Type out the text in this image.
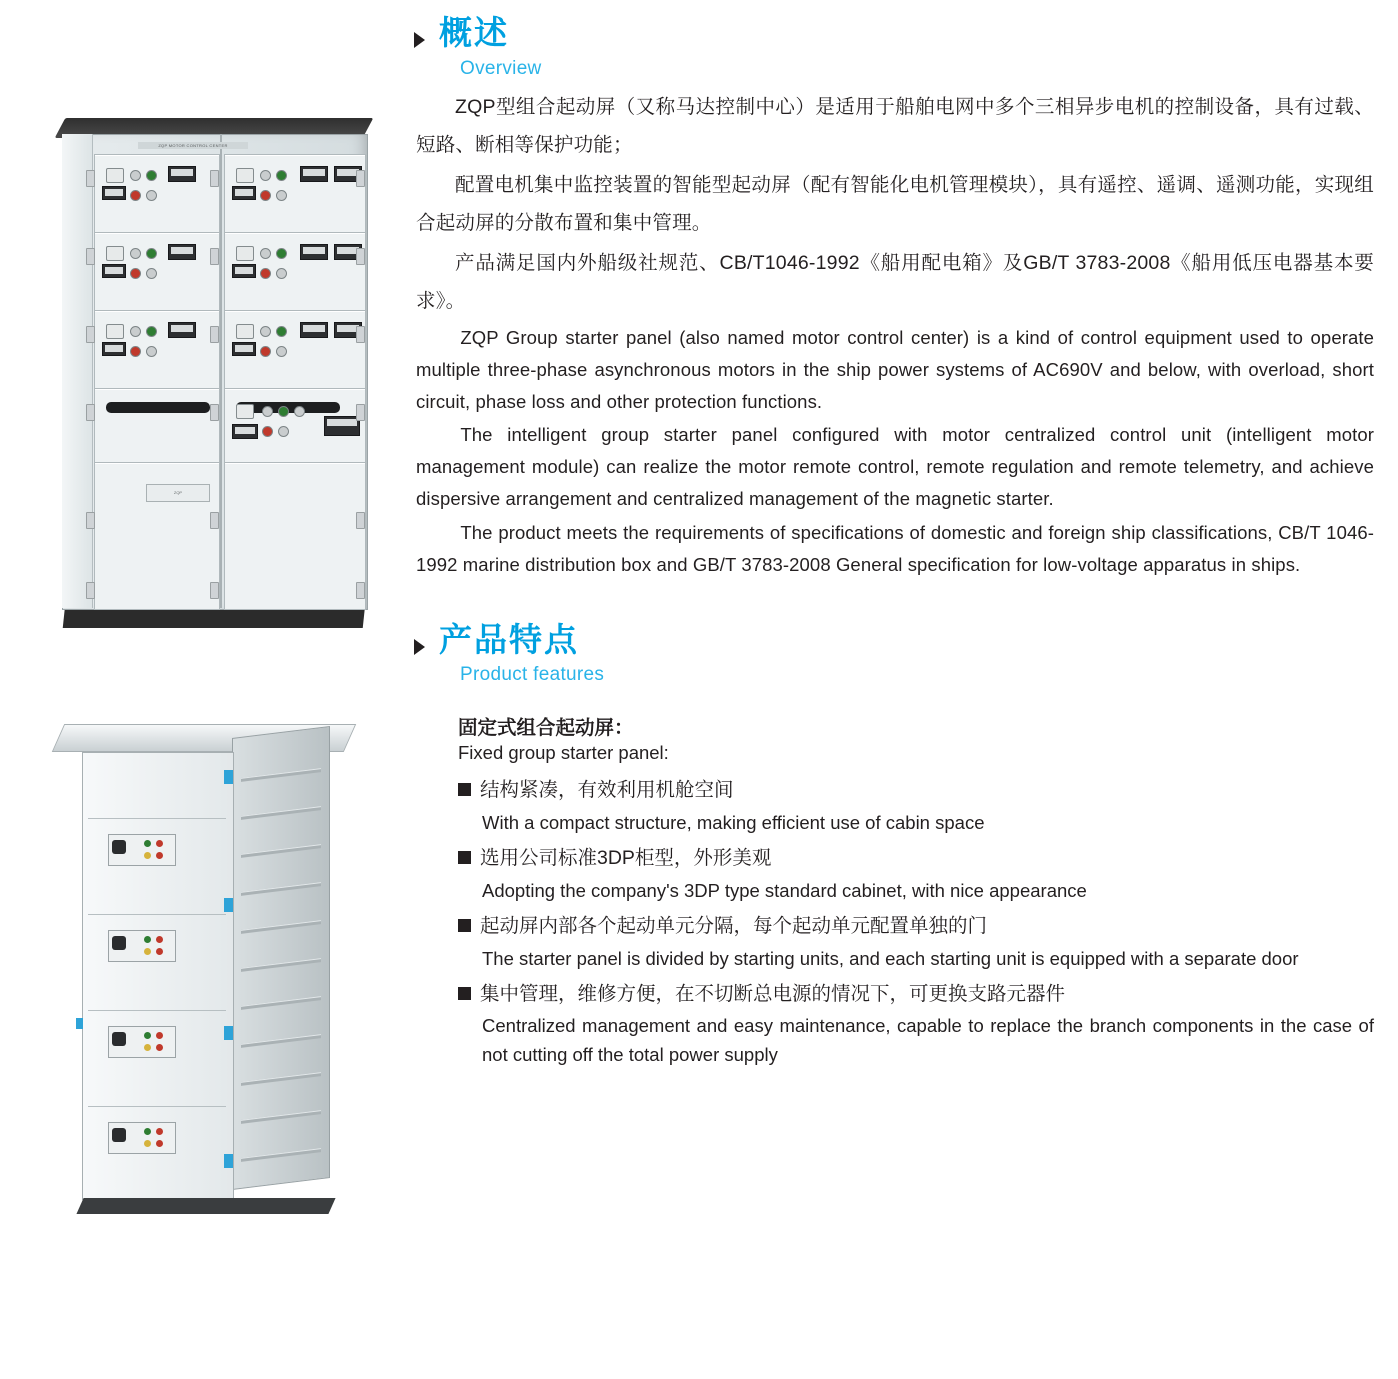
ZQP MOTOR CONTROL CENTER
ZQP
概述
Overview

ZQP型组合起动屏（又称马达控制中心）是适用于船舶电网中多个三相异步电机的控制设备，具有过载、短路、断相等保护功能；

配置电机集中监控装置的智能型起动屏（配有智能化电机管理模块），具有遥控、遥调、遥测功能，实现组合起动屏的分散布置和集中管理。

产品满足国内外船级社规范、CB/T1046-1992《船用配电箱》及GB/T 3783-2008《船用低压电器基本要求》。

ZQP Group starter panel (also named motor control center) is a kind of control equipment used to operate multiple three-phase asynchronous motors in the ship power systems of AC690V and below, with overload, short circuit, phase loss and other protection functions.

The intelligent group starter panel configured with motor centralized control unit (intelligent motor management module) can realize the motor remote control, remote regulation and remote telemetry, and achieve dispersive arrangement and centralized management of the magnetic starter.

The product meets the requirements of specifications of domestic and foreign ship classifications, CB/T 1046-1992 marine distribution box and GB/T 3783-2008 General specification for low-voltage apparatus in ships.

产品特点
Product features
固定式组合起动屏：
Fixed group starter panel:
结构紧凑，有效利用机舱空间
With a compact structure, making efficient use of cabin space
选用公司标准3DP柜型，外形美观
Adopting the company's 3DP type standard cabinet, with nice appearance
起动屏内部各个起动单元分隔，每个起动单元配置单独的门
The starter panel is divided by starting units, and each starting unit is equipped with a separate door
集中管理，维修方便，在不切断总电源的情况下，可更换支路元器件
Centralized management and easy maintenance, capable to replace the branch components in the case of not cutting off the total power supply
